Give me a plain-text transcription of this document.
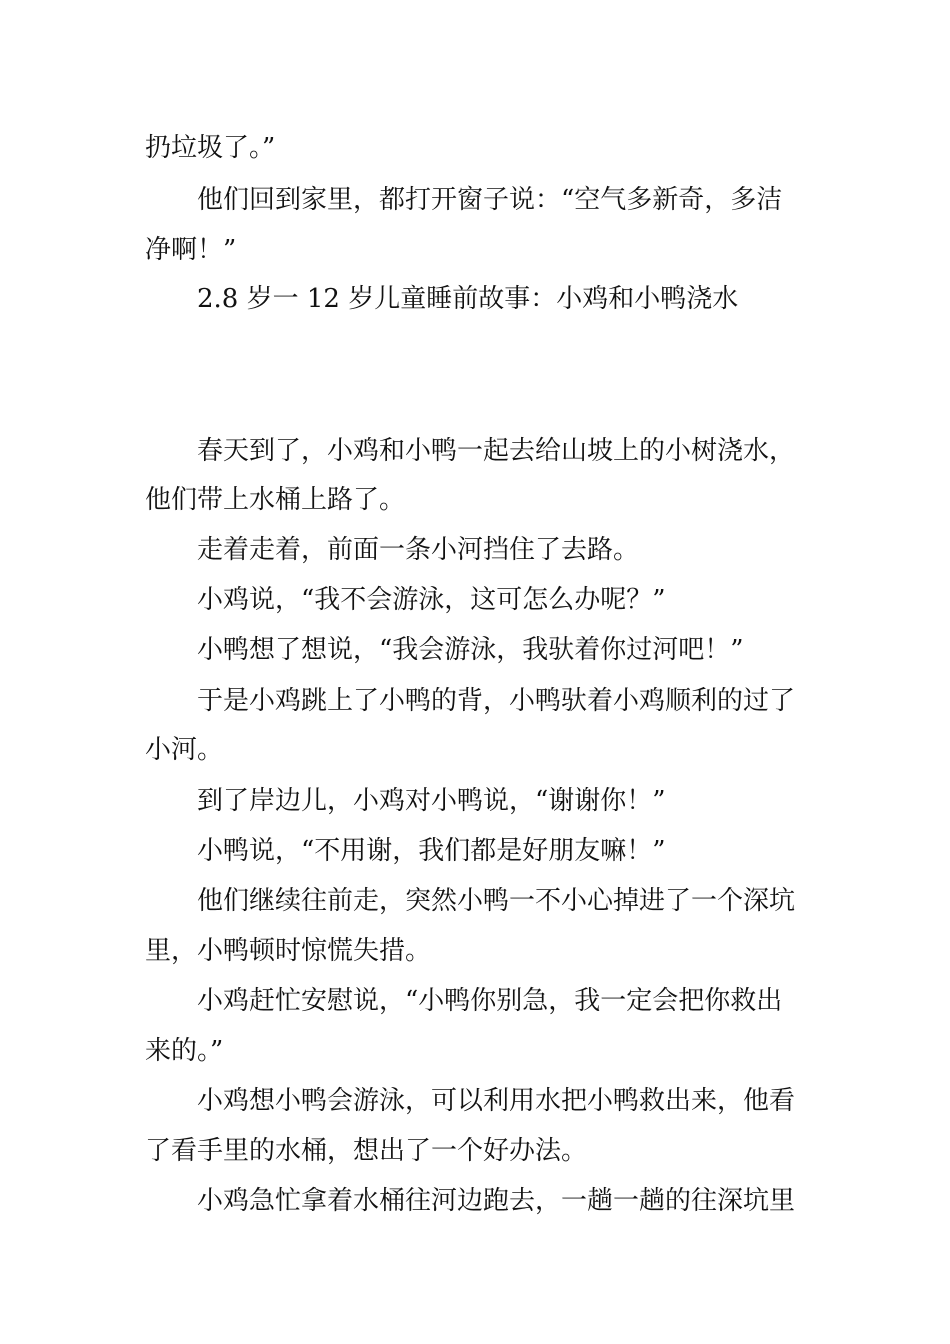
扔垃圾了。”
他们回到家里，都打开窗子说：“空气多新奇，多洁
净啊！”
2.8 岁一 12 岁儿童睡前故事：小鸡和小鸭浇水
春天到了，小鸡和小鸭一起去给山坡上的小树浇水，
他们带上水桶上路了。
走着走着，前面一条小河挡住了去路。
小鸡说，“我不会游泳，这可怎么办呢？”
小鸭想了想说，“我会游泳，我驮着你过河吧！”
于是小鸡跳上了小鸭的背，小鸭驮着小鸡顺利的过了
小河。
到了岸边儿，小鸡对小鸭说，“谢谢你！”
小鸭说，“不用谢，我们都是好朋友嘛！”
他们继续往前走，突然小鸭一不小心掉进了一个深坑
里，小鸭顿时惊慌失措。
小鸡赶忙安慰说，“小鸭你别急，我一定会把你救出
来的。”
小鸡想小鸭会游泳，可以利用水把小鸭救出来，他看
了看手里的水桶，想出了一个好办法。
小鸡急忙拿着水桶往河边跑去，一趟一趟的往深坑里
